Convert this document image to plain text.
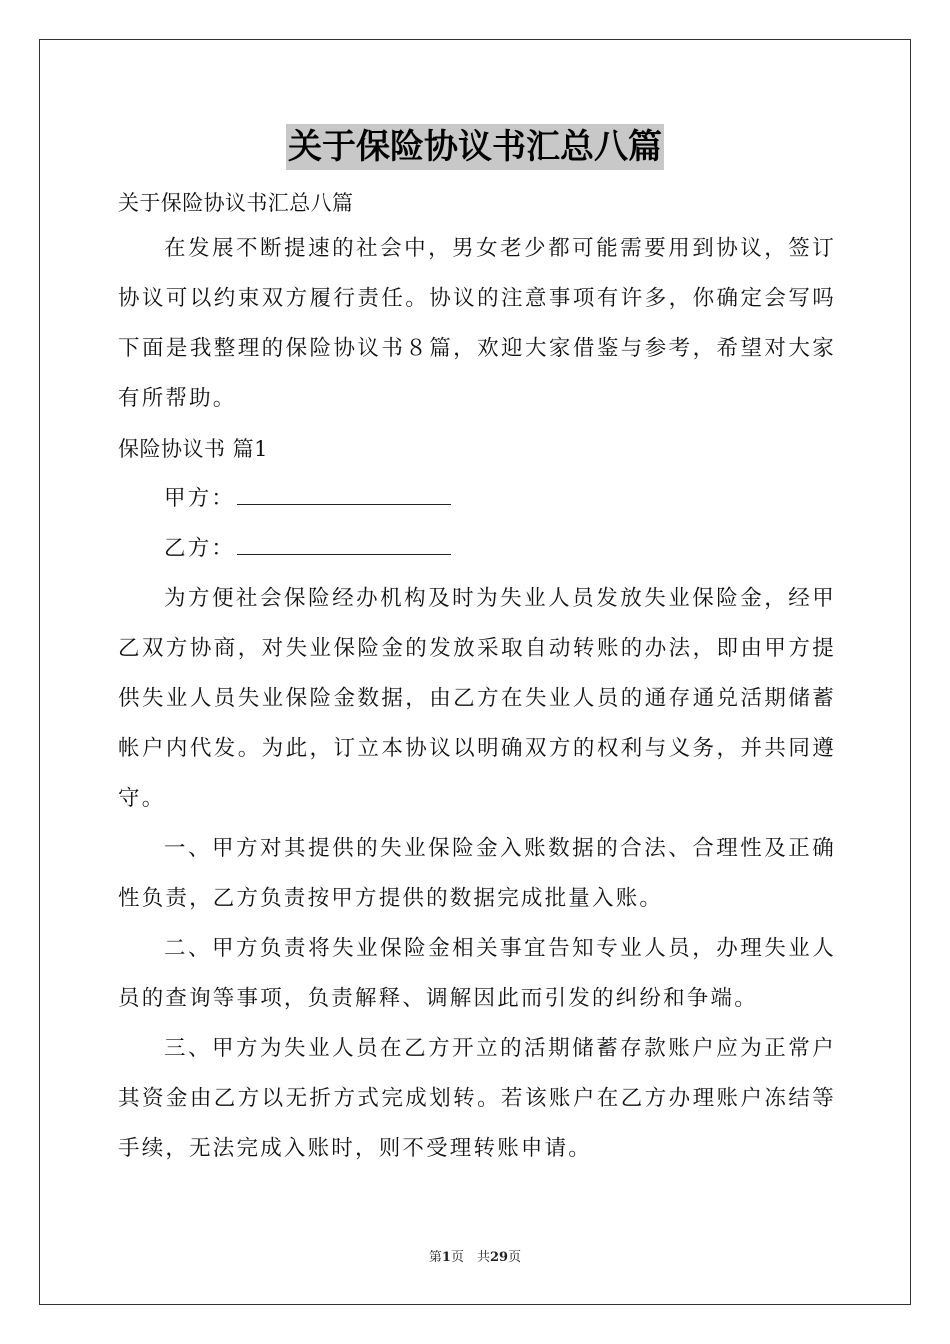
关于保险协议书汇总八篇
关于保险协议书汇总八篇
在发展不断提速的社会中，男女老少都可能需要用到协议，签订协议可以约束双方履行责任。协议的注意事项有许多，你确定会写吗下面是我整理的保险协议书８篇，欢迎大家借鉴与参考，希望对大家有所帮助。
保险协议书 篇1
甲方：
乙方：
为方便社会保险经办机构及时为失业人员发放失业保险金，经甲乙双方协商，对失业保险金的发放采取自动转账的办法，即由甲方提供失业人员失业保险金数据，由乙方在失业人员的通存通兑活期储蓄帐户内代发。为此，订立本协议以明确双方的权利与义务，并共同遵守。
一、甲方对其提供的失业保险金入账数据的合法、合理性及正确性负责，乙方负责按甲方提供的数据完成批量入账。
二、甲方负责将失业保险金相关事宜告知专业人员，办理失业人员的查询等事项，负责解释、调解因此而引发的纠纷和争端。
三、甲方为失业人员在乙方开立的活期储蓄存款账户应为正常户其资金由乙方以无折方式完成划转。若该账户在乙方办理账户冻结等手续，无法完成入账时，则不受理转账申请。
第1页　共29页
